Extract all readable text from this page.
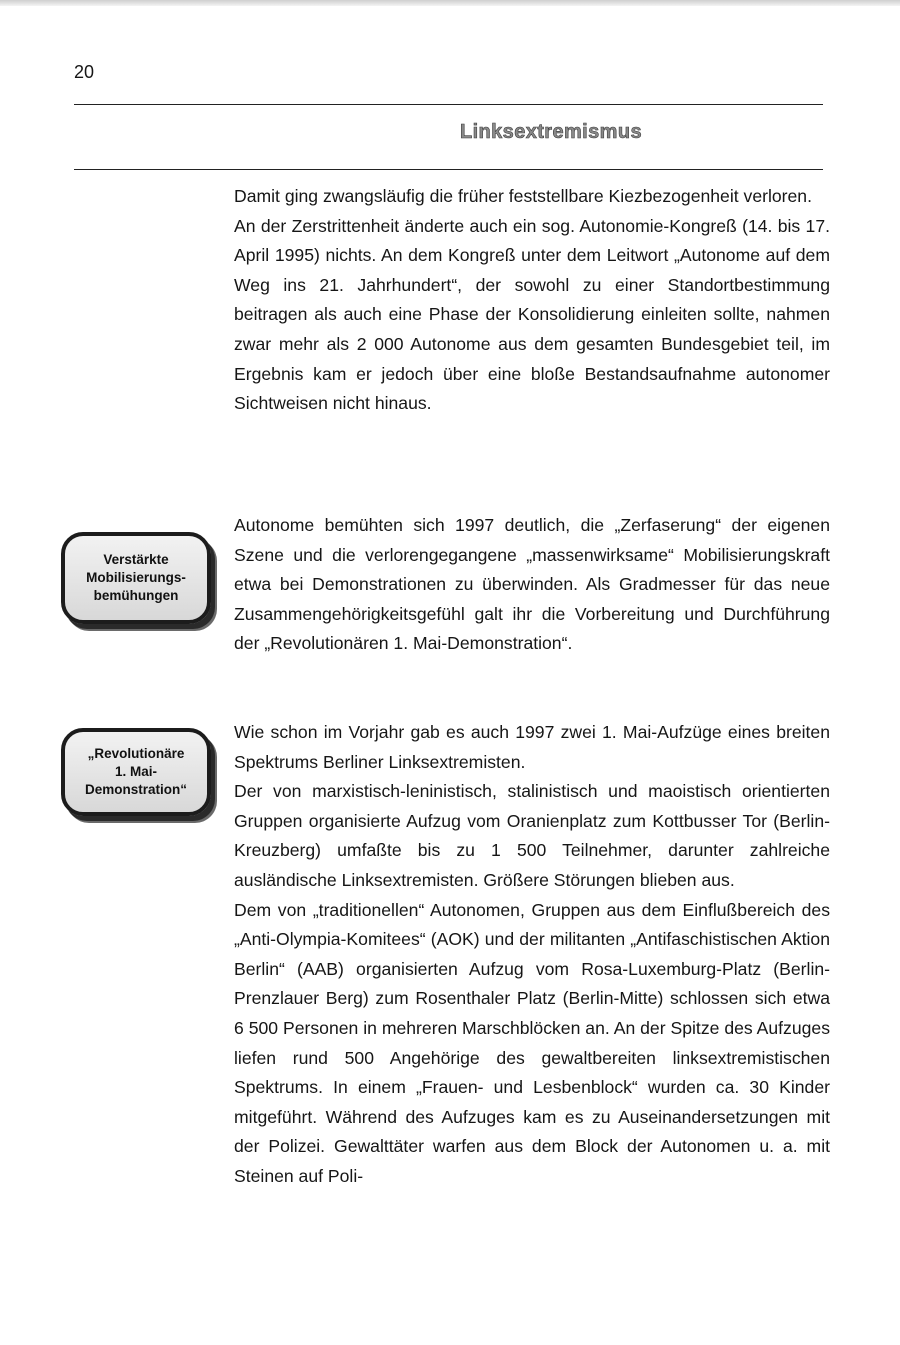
20
Linksextremismus

Damit ging zwangsläufig die früher feststellbare Kiezbezogenheit verloren.

An der Zerstrittenheit änderte auch ein sog. Autonomie-Kongreß (14. bis 17. April 1995) nichts. An dem Kongreß unter dem Leitwort „Autonome auf dem Weg ins 21. Jahrhundert“, der sowohl zu einer Standortbestimmung beitragen als auch eine Phase der Konsolidierung einleiten sollte, nahmen zwar mehr als 2 000 Autonome aus dem gesamten Bundesgebiet teil, im Ergebnis kam er jedoch über eine bloße Bestandsaufnahme autonomer Sichtweisen nicht hinaus.

Verstärkte
Mobilisierungs-
bemühungen

Autonome bemühten sich 1997 deutlich, die „Zerfaserung“ der eigenen Szene und die verlorengegangene „massenwirksame“ Mobilisierungskraft etwa bei Demonstrationen zu überwinden. Als Gradmesser für das neue Zusammengehörigkeitsgefühl galt ihr die Vorbereitung und Durchführung der „Revolutionären 1. Mai-Demonstration“.

„Revolutionäre
1. Mai-
Demonstration“

Wie schon im Vorjahr gab es auch 1997 zwei 1. Mai-Aufzüge eines breiten Spektrums Berliner Linksextremisten.

Der von marxistisch-leninistisch, stalinistisch und maoistisch orientierten Gruppen organisierte Aufzug vom Oranienplatz zum Kottbusser Tor (Berlin-Kreuzberg) umfaßte bis zu 1 500 Teilnehmer, darunter zahlreiche ausländische Linksextremisten. Größere Störungen blieben aus.

Dem von „traditionellen“ Autonomen, Gruppen aus dem Einflußbereich des „Anti-Olympia-Komitees“ (AOK) und der militanten „Antifaschistischen Aktion Berlin“ (AAB) organisierten Aufzug vom Rosa-Luxemburg-Platz (Berlin-Prenzlauer Berg) zum Rosenthaler Platz (Berlin-Mitte) schlossen sich etwa 6 500 Personen in mehreren Marschblöcken an. An der Spitze des Aufzuges liefen rund 500 Angehörige des gewaltbereiten linksextremistischen Spektrums. In einem „Frauen- und Lesbenblock“ wurden ca. 30 Kinder mitgeführt. Während des Aufzuges kam es zu Auseinandersetzungen mit der Polizei. Gewalttäter warfen aus dem Block der Autonomen u. a. mit Steinen auf Poli-
